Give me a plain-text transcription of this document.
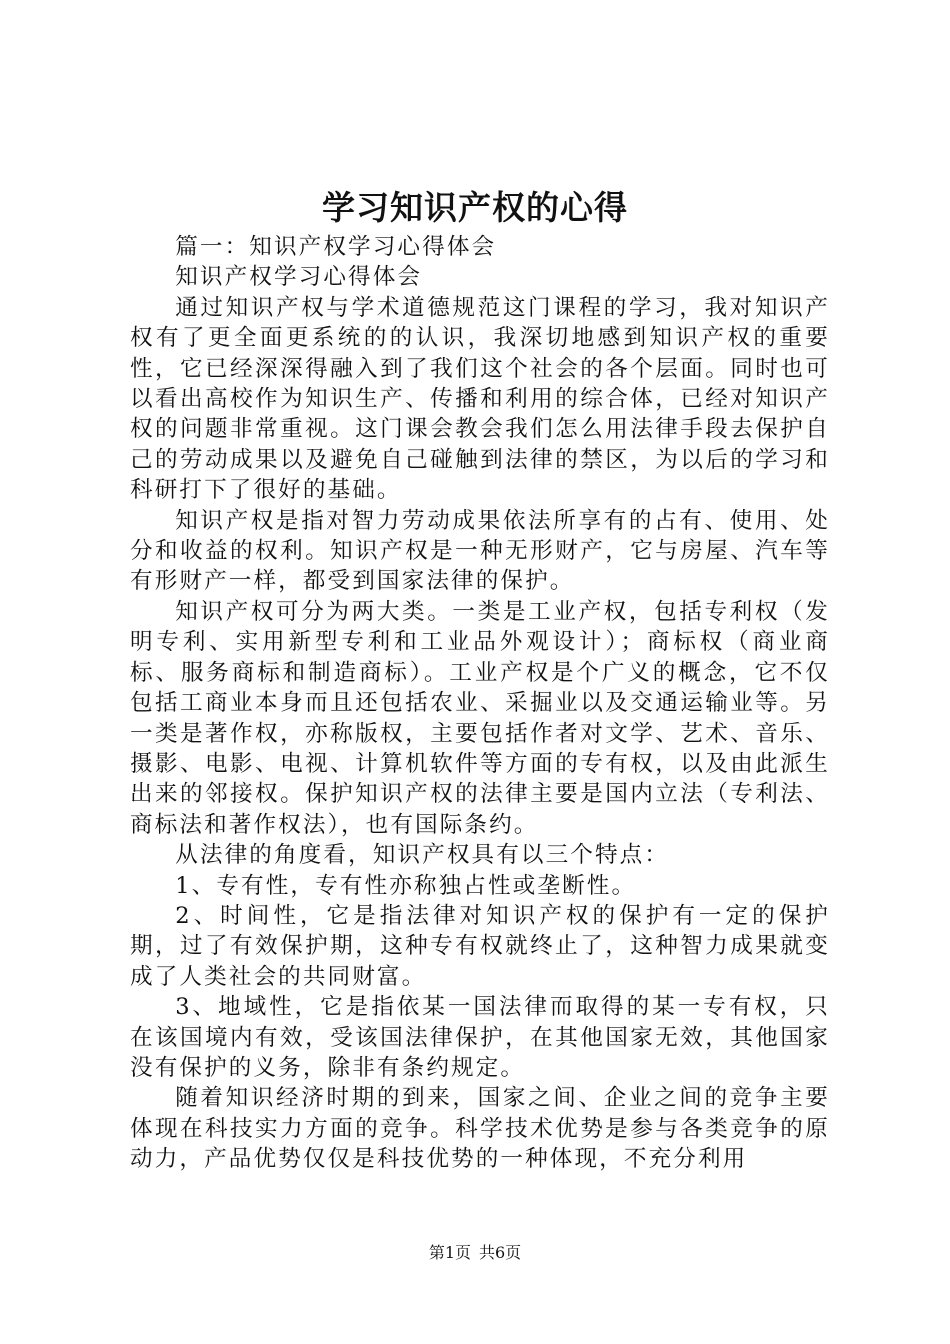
学习知识产权的心得

篇一：知识产权学习心得体会

知识产权学习心得体会

通过知识产权与学术道德规范这门课程的学习，我对知识产权有了更全面更系统的的认识，我深切地感到知识产权的重要性，它已经深深得融入到了我们这个社会的各个层面。同时也可以看出高校作为知识生产、传播和利用的综合体，已经对知识产权的问题非常重视。这门课会教会我们怎么用法律手段去保护自己的劳动成果以及避免自己碰触到法律的禁区，为以后的学习和科研打下了很好的基础。

知识产权是指对智力劳动成果依法所享有的占有、使用、处分和收益的权利。知识产权是一种无形财产，它与房屋、汽车等有形财产一样，都受到国家法律的保护。

知识产权可分为两大类。一类是工业产权，包括专利权（发明专利、实用新型专利和工业品外观设计）；商标权（商业商标、服务商标和制造商标）。工业产权是个广义的概念，它不仅包括工商业本身而且还包括农业、采掘业以及交通运输业等。另一类是著作权，亦称版权，主要包括作者对文学、艺术、音乐、摄影、电影、电视、计算机软件等方面的专有权，以及由此派生出来的邻接权。保护知识产权的法律主要是国内立法（专利法、商标法和著作权法），也有国际条约。

从法律的角度看，知识产权具有以三个特点：

1、专有性，专有性亦称独占性或垄断性。

2、时间性，它是指法律对知识产权的保护有一定的保护期，过了有效保护期，这种专有权就终止了，这种智力成果就变成了人类社会的共同财富。

3、地域性，它是指依某一国法律而取得的某一专有权，只在该国境内有效，受该国法律保护，在其他国家无效，其他国家没有保护的义务，除非有条约规定。

随着知识经济时期的到来，国家之间、企业之间的竞争主要体现在科技实力方面的竞争。科学技术优势是参与各类竞争的原动力，产品优势仅仅是科技优势的一种体现，不充分利用

第1页 共6页
